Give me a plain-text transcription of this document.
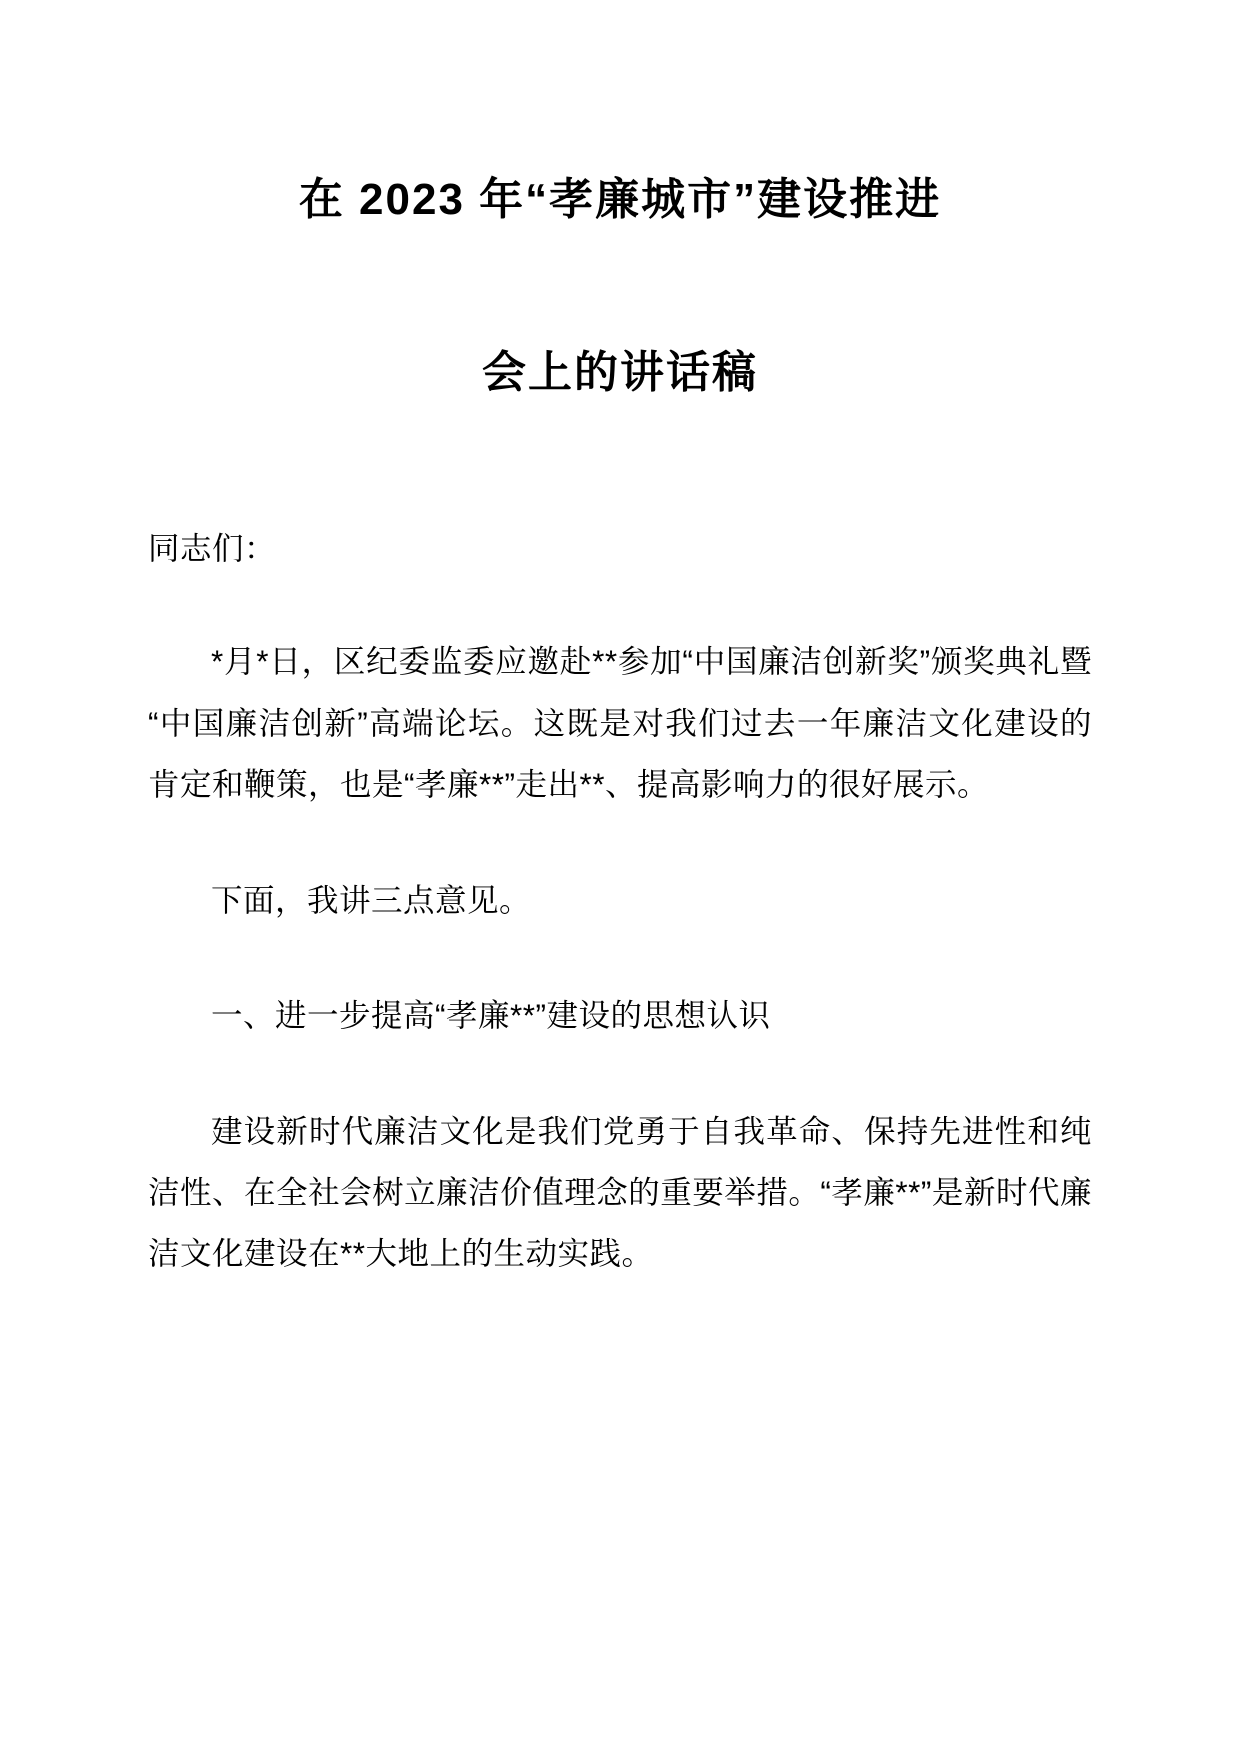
在 2023 年“孝廉城市”建设推进
会上的讲话稿

同志们：

*月*日，区纪委监委应邀赴**参加“中国廉洁创新奖”颁奖典礼暨“中国廉洁创新”高端论坛。这既是对我们过去一年廉洁文化建设的肯定和鞭策，也是“孝廉**”走出**、提高影响力的很好展示。

下面，我讲三点意见。

一、进一步提高“孝廉**”建设的思想认识

建设新时代廉洁文化是我们党勇于自我革命、保持先进性和纯洁性、在全社会树立廉洁价值理念的重要举措。“孝廉**”是新时代廉洁文化建设在**大地上的生动实践。
